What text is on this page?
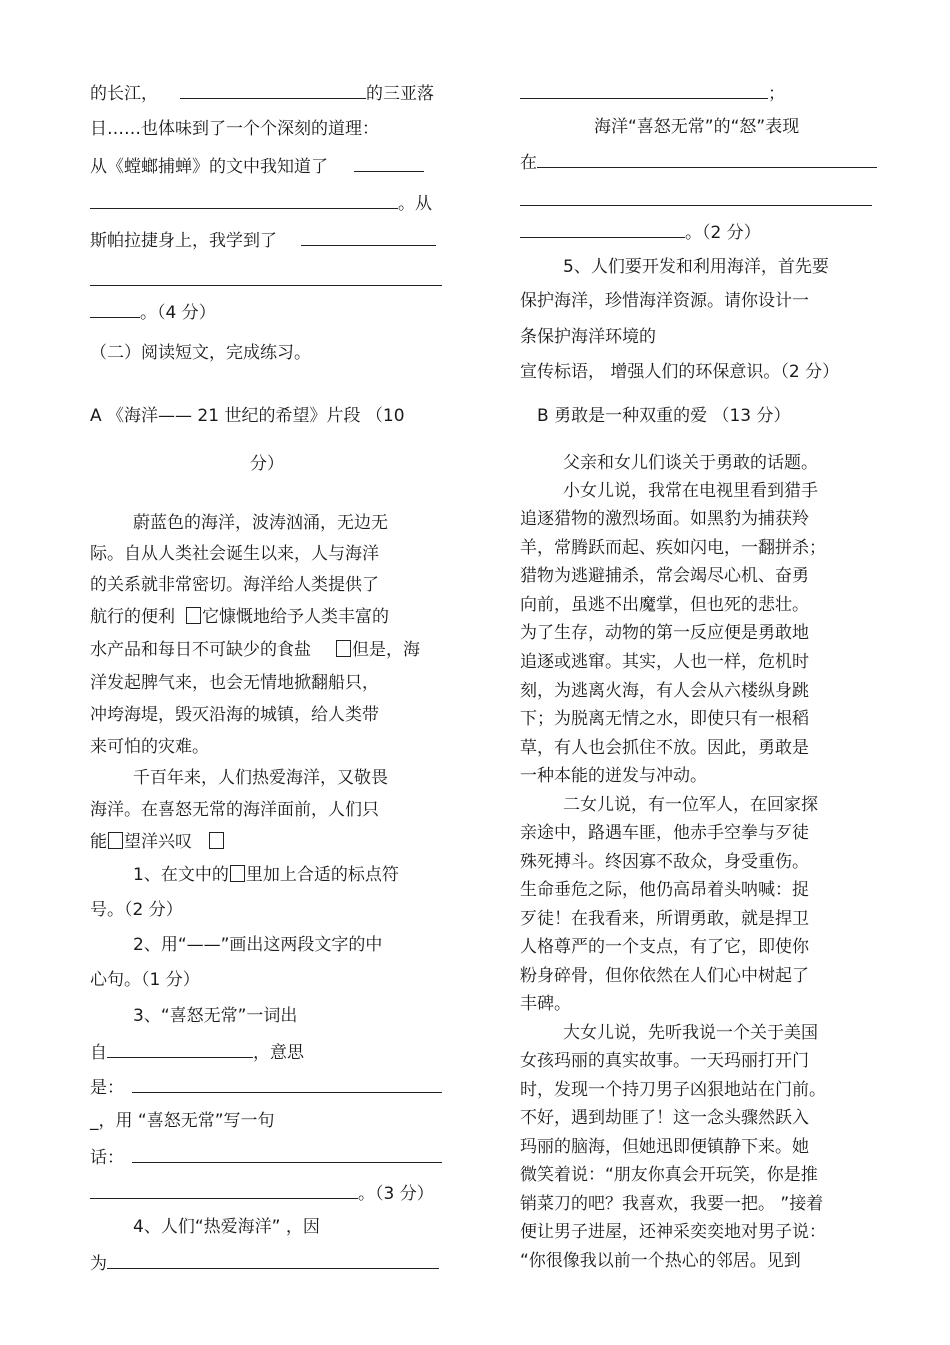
的长江，	的三亚落
日……也体味到了一个个深刻的道理：
从《螳螂捕蝉》的文中我知道了
。从
斯帕拉捷身上，我学到了
。（4 分）
（二）阅读短文，完成练习。
A 《海洋—— 21 世纪的希望》片段 （10
分）
蔚蓝色的海洋，波涛汹涌，无边无
际。自从人类社会诞生以来，人与海洋
的关系就非常密切。海洋给人类提供了
航行的便利 它慷慨地给予人类丰富的
水产品和每日不可缺少的食盐 但是，海
洋发起脾气来，也会无情地掀翻船只，
冲垮海堤，毁灭沿海的城镇，给人类带
来可怕的灾难。
千百年来，人们热爱海洋，又敬畏
海洋。在喜怒无常的海洋面前，人们只
能 望洋兴叹
1、在文中的 里加上合适的标点符
号。（2 分）
2、用“——”画出这两段文字的中
心句。（1 分）
3、“喜怒无常”一词出
自	，意思
是：
_，用 “喜怒无常”写一句
话：
。（3 分）
4、人们“热爱海洋” ，因
为
；
海洋“喜怒无常”的“怒”表现
在
。（2 分）
5、人们要开发和利用海洋，首先要
保护海洋，珍惜海洋资源。请你设计一
条保护海洋环境的
宣传标语， 增强人们的环保意识。（2 分）
B 勇敢是一种双重的爱 （13 分）
父亲和女儿们谈关于勇敢的话题。
小女儿说，我常在电视里看到猎手
追逐猎物的激烈场面。如黑豹为捕获羚
羊，常腾跃而起、疾如闪电，一翻拼杀；
猎物为逃避捕杀，常会竭尽心机、奋勇
向前，虽逃不出魔掌，但也死的悲壮。
为了生存，动物的第一反应便是勇敢地
追逐或逃窜。其实，人也一样，危机时
刻，为逃离火海，有人会从六楼纵身跳
下；为脱离无情之水，即使只有一根稻
草，有人也会抓住不放。因此，勇敢是
一种本能的迸发与冲动。
二女儿说，有一位军人，在回家探
亲途中，路遇车匪，他赤手空拳与歹徒
殊死搏斗。终因寡不敌众，身受重伤。
生命垂危之际，他仍高昂着头呐喊：捉
歹徒！在我看来，所谓勇敢，就是捍卫
人格尊严的一个支点，有了它，即使你
粉身碎骨，但你依然在人们心中树起了
丰碑。
大女儿说，先听我说一个关于美国
女孩玛丽的真实故事。一天玛丽打开门
时，发现一个持刀男子凶狠地站在门前。
不好，遇到劫匪了！这一念头骤然跃入
玛丽的脑海，但她迅即便镇静下来。她
微笑着说：“朋友你真会开玩笑，你是推
销菜刀的吧？我喜欢，我要一把。 ”接着
便让男子进屋，还神采奕奕地对男子说：
“你很像我以前一个热心的邻居。见到
